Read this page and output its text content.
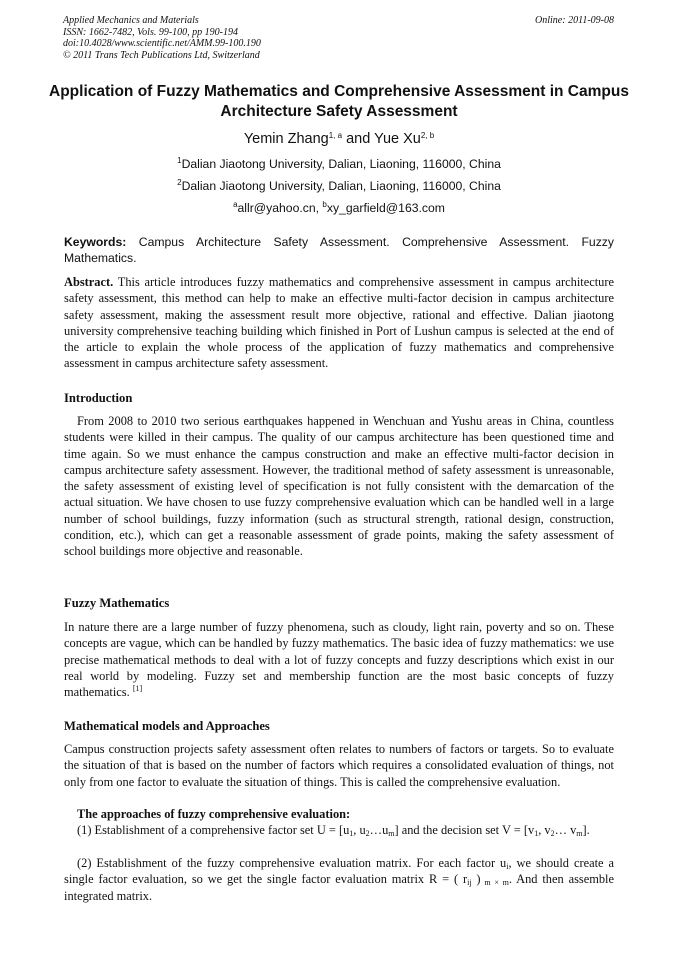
Applied Mechanics and Materials
ISSN: 1662-7482, Vols. 99-100, pp 190-194
doi:10.4028/www.scientific.net/AMM.99-100.190
© 2011 Trans Tech Publications Ltd, Switzerland
Online: 2011-09-08
Application of Fuzzy Mathematics and Comprehensive Assessment in Campus Architecture Safety Assessment
Yemin Zhang$^{1, a}$ and Yue Xu$^{2, b}$
$^1$Dalian Jiaotong University, Dalian, Liaoning, 116000, China
$^2$Dalian Jiaotong University, Dalian, Liaoning, 116000, China
$^a$allr@yahoo.cn, $^b$xy_garfield@163.com
Keywords: Campus Architecture Safety Assessment. Comprehensive Assessment. Fuzzy Mathematics.
Abstract. This article introduces fuzzy mathematics and comprehensive assessment in campus architecture safety assessment, this method can help to make an effective multi-factor decision in campus architecture safety assessment, making the assessment result more objective, rational and effective. Dalian jiaotong university comprehensive teaching building which finished in Port of Lushun campus is selected at the end of the article to explain the whole process of the application of fuzzy mathematics and comprehensive assessment in campus architecture safety assessment.
Introduction
From 2008 to 2010 two serious earthquakes happened in Wenchuan and Yushu areas in China, countless students were killed in their campus. The quality of our campus architecture has been questioned time and time again. So we must enhance the campus construction and make an effective multi-factor decision in campus architecture safety assessment. However, the traditional method of safety assessment is unreasonable, the safety assessment of existing level of specification is not fully consistent with the demarcation of the actual situation. We have chosen to use fuzzy comprehensive evaluation which can be handled well in a large number of school buildings, fuzzy information (such as structural strength, rational design, construction, condition, etc.), which can get a reasonable assessment of grade points, making the safety assessment of school buildings more objective and reasonable.
Fuzzy Mathematics
In nature there are a large number of fuzzy phenomena, such as cloudy, light rain, poverty and so on. These concepts are vague, which can be handled by fuzzy mathematics. The basic idea of fuzzy mathematics: we use precise mathematical methods to deal with a lot of fuzzy concepts and fuzzy descriptions which exist in our real world by modeling. Fuzzy set and membership function are the most basic concepts of fuzzy mathematics. [1]
Mathematical models and Approaches
Campus construction projects safety assessment often relates to numbers of factors or targets. So to evaluate the situation of that is based on the number of factors which requires a consolidated evaluation of things, not only from one factor to evaluate the situation of things. This is called the comprehensive evaluation.
The approaches of fuzzy comprehensive evaluation:
(1) Establishment of a comprehensive factor set $U = [u_1$, $u_2\dots u_m$] and the decision set $V = [v_1$, $v_2\dots$ $v_m$].
(2) Establishment of the fuzzy comprehensive evaluation matrix. For each factor $u_i$, we should create a single factor evaluation, so we get the single factor evaluation matrix R = ( $r_{ij}$ ) $_{m \times m}$. And then assemble integrated matrix.
